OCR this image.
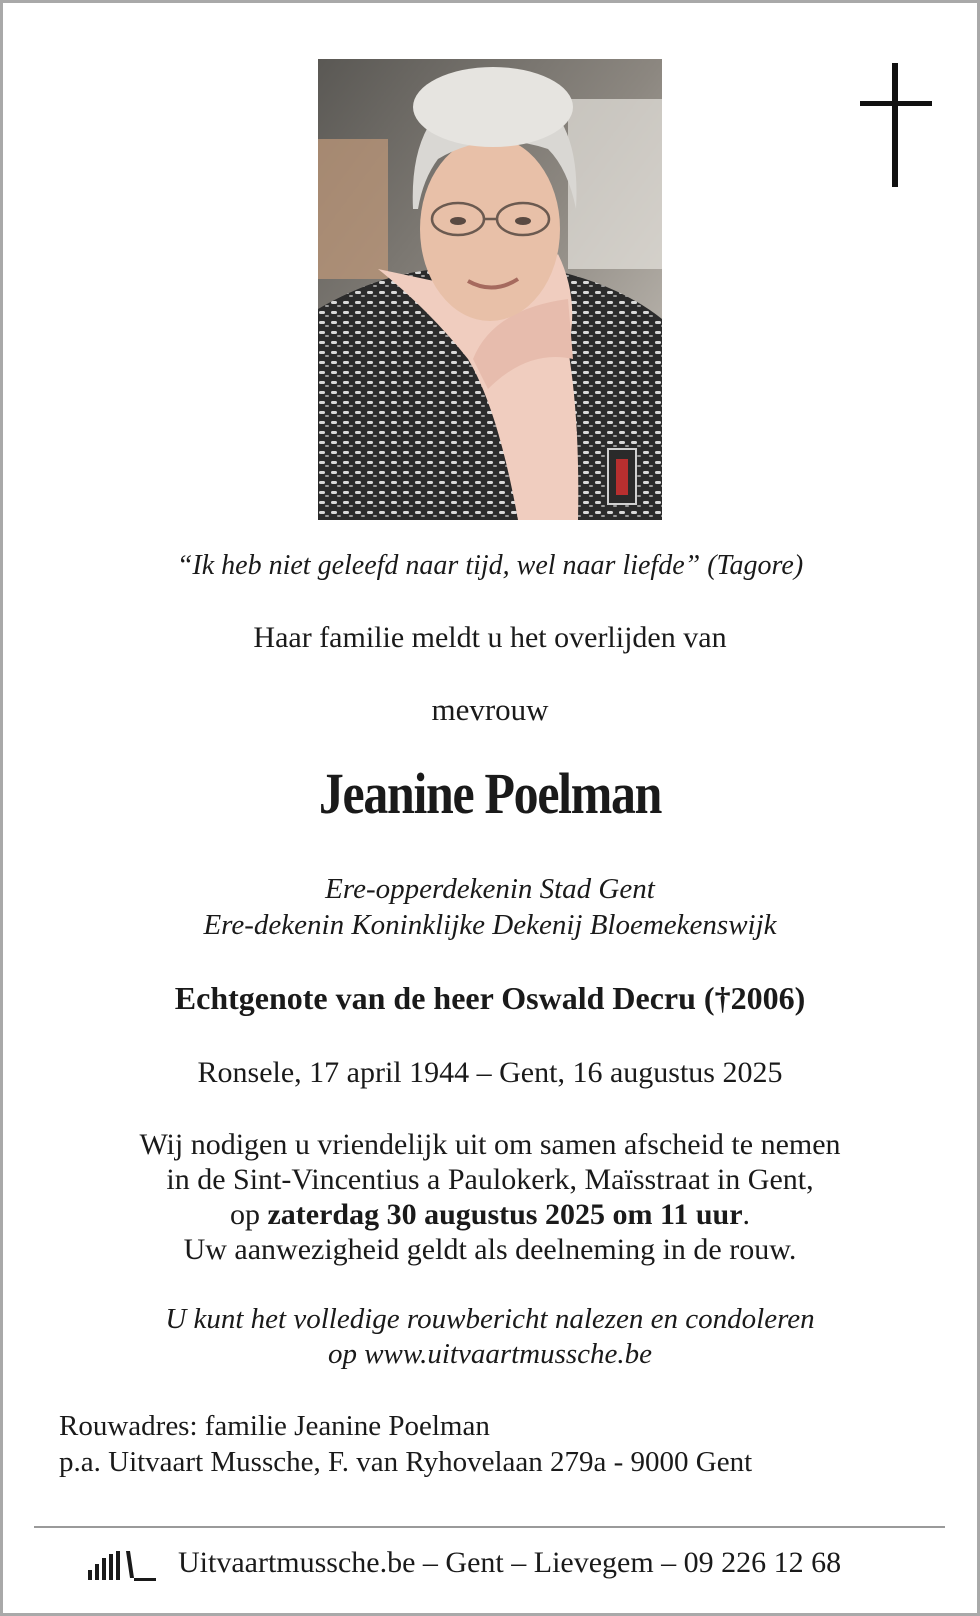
“Ik heb niet geleefd naar tijd, wel naar liefde” (Tagore)
Haar familie meldt u het overlijden van
mevrouw
Jeanine Poelman
Ere-opperdekenin Stad Gent
Ere-dekenin Koninklijke Dekenij Bloemekenswijk
Echtgenote van de heer Oswald Decru (†2006)
Ronsele, 17 april 1944 – Gent, 16 augustus 2025
Wij nodigen u vriendelijk uit om samen afscheid te nemen
in de Sint-Vincentius a Paulokerk, Maïsstraat in Gent,
op zaterdag 30 augustus 2025 om 11 uur.
Uw aanwezigheid geldt als deelneming in de rouw.
U kunt het volledige rouwbericht nalezen en condoleren
op www.uitvaartmussche.be
Rouwadres: familie Jeanine Poelman
p.a. Uitvaart Mussche, F. van Ryhovelaan 279a - 9000 Gent
Uitvaartmussche.be – Gent – Lievegem – 09 226 12 68
